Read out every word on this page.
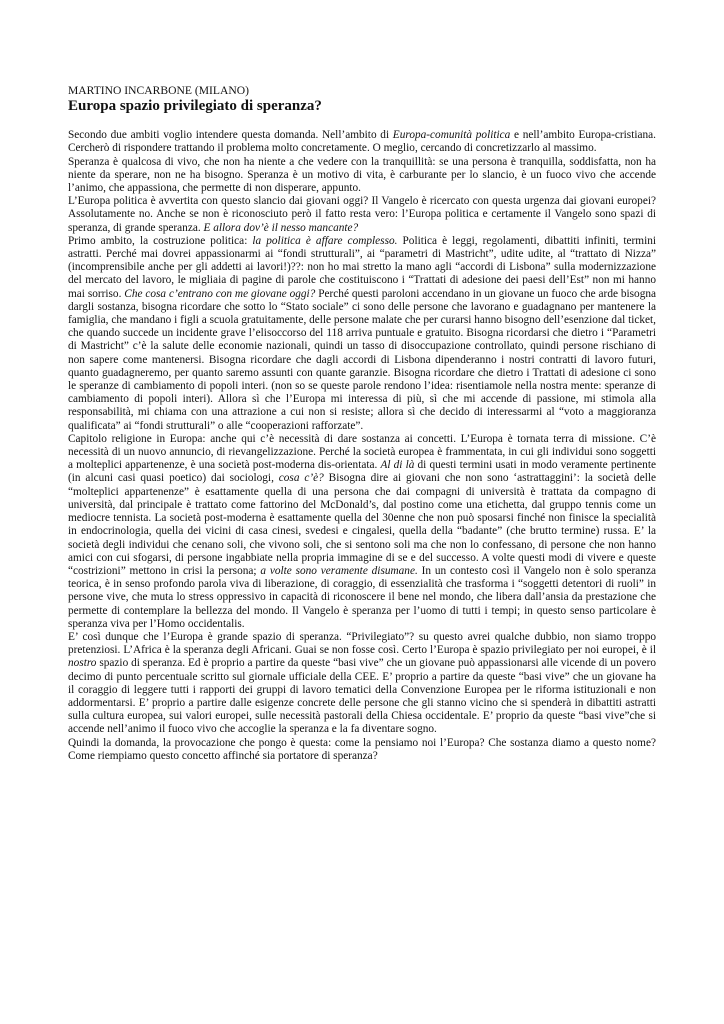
MARTINO INCARBONE (MILANO)

Europa spazio privilegiato di speranza?

Secondo due ambiti voglio intendere questa domanda. Nell’ambito di Europa-comunità politica e nell’ambito Europa-cristiana. Cercherò di rispondere trattando il problema molto concretamente. O meglio, cercando di concretizzarlo al massimo.

Speranza è qualcosa di vivo, che non ha niente a che vedere con la tranquillità: se una persona è tranquilla, soddisfatta, non ha niente da sperare, non ne ha bisogno. Speranza è un motivo di vita, è carburante per lo slancio, è un fuoco vivo che accende l’animo, che appassiona, che permette di non disperare, appunto.

L’Europa politica è avvertita con questo slancio dai giovani oggi? Il Vangelo è ricercato con questa urgenza dai giovani europei? Assolutamente no. Anche se non è riconosciuto però il fatto resta vero: l’Europa politica e certamente il Vangelo sono spazi di speranza, di grande speranza. E allora dov’è il nesso mancante?

Primo ambito, la costruzione politica: la politica è affare complesso. Politica è leggi, regolamenti, dibattiti infiniti, termini astratti. Perché mai dovrei appassionarmi ai “fondi strutturali”, ai “parametri di Mastricht”, udite udite, al “trattato di Nizza” (incomprensibile anche per gli addetti ai lavori!)??: non ho mai stretto la mano agli “accordi di Lisbona” sulla modernizzazione del mercato del lavoro, le migliaia di pagine di parole che costituiscono i “Trattati di adesione dei paesi dell’Est” non mi hanno mai sorriso. Che cosa c’entrano con me giovane oggi? Perché questi paroloni accendano in un giovane un fuoco che arde bisogna dargli sostanza, bisogna ricordare che sotto lo “Stato sociale” ci sono delle persone che lavorano e guadagnano per mantenere la famiglia, che mandano i figli a scuola gratuitamente, delle persone malate che per curarsi hanno bisogno dell’esenzione dal ticket, che quando succede un incidente grave l’elisoccorso del 118 arriva puntuale e gratuito. Bisogna ricordarsi che dietro i “Parametri di Mastricht” c’è la salute delle economie nazionali, quindi un tasso di disoccupazione controllato, quindi persone rischiano di non sapere come mantenersi. Bisogna ricordare che dagli accordi di Lisbona dipenderanno i nostri contratti di lavoro futuri, quanto guadagneremo, per quanto saremo assunti con quante garanzie. Bisogna ricordare che dietro i Trattati di adesione ci sono le speranze di cambiamento di popoli interi. (non so se queste parole rendono l’idea: risentiamole nella nostra mente: speranze di cambiamento di popoli interi). Allora sì che l’Europa mi interessa di più, sì che mi accende di passione, mi stimola alla responsabilità, mi chiama con una attrazione a cui non si resiste; allora sì che decido di interessarmi al “voto a maggioranza qualificata” ai “fondi strutturali” o alle “cooperazioni rafforzate”.

Capitolo religione in Europa: anche qui c’è necessità di dare sostanza ai concetti. L’Europa è tornata terra di missione. C’è necessità di un nuovo annuncio, di rievangelizzazione. Perché la società europea è frammentata, in cui gli individui sono soggetti a molteplici appartenenze, è una società post-moderna dis-orientata. Al di là di questi termini usati in modo veramente pertinente (in alcuni casi quasi poetico) dai sociologi, cosa c’è? Bisogna dire ai giovani che non sono ‘astrattaggini’: la società delle “molteplici appartenenze” è esattamente quella di una persona che dai compagni di università è trattata da compagno di università, dal principale è trattato come fattorino del McDonald’s, dal postino come una etichetta, dal gruppo tennis come un mediocre tennista. La società post-moderna è esattamente quella del 30enne che non può sposarsi finché non finisce la specialità in endocrinologia, quella dei vicini di casa cinesi, svedesi e cingalesi, quella della “badante” (che brutto termine) russa. E’ la società degli individui che cenano soli, che vivono soli, che si sentono soli ma che non lo confessano, di persone che non hanno amici con cui sfogarsi, di persone ingabbiate nella propria immagine di se e del successo. A volte questi modi di vivere e queste “costrizioni” mettono in crisi la persona; a volte sono veramente disumane. In un contesto così il Vangelo non è solo speranza teorica, è in senso profondo parola viva di liberazione, di coraggio, di essenzialità che trasforma i “soggetti detentori di ruoli” in persone vive, che muta lo stress oppressivo in capacità di riconoscere il bene nel mondo, che libera dall’ansia da prestazione che permette di contemplare la bellezza del mondo. Il Vangelo è speranza per l’uomo di tutti i tempi; in questo senso particolare è speranza viva per l’Homo occidentalis.

E’ così dunque che l’Europa è grande spazio di speranza. “Privilegiato”? su questo avrei qualche dubbio, non siamo troppo pretenziosi. L’Africa è la speranza degli Africani. Guai se non fosse così. Certo l’Europa è spazio privilegiato per noi europei, è il nostro spazio di speranza. Ed è proprio a partire da queste “basi vive” che un giovane può appassionarsi alle vicende di un povero decimo di punto percentuale scritto sul giornale ufficiale della CEE. E’ proprio a partire da queste “basi vive” che un giovane ha il coraggio di leggere tutti i rapporti dei gruppi di lavoro tematici della Convenzione Europea per le riforma istituzionali e non addormentarsi. E’ proprio a partire dalle esigenze concrete delle persone che gli stanno vicino che si spenderà in dibattiti astratti sulla cultura europea, sui valori europei, sulle necessità pastorali della Chiesa occidentale. E’ proprio da queste “basi vive”che si accende nell’animo il fuoco vivo che accoglie la speranza e la fa diventare sogno.

Quindi la domanda, la provocazione che pongo è questa: come la pensiamo noi l’Europa? Che sostanza diamo a questo nome? Come riempiamo questo concetto affinché sia portatore di speranza?
